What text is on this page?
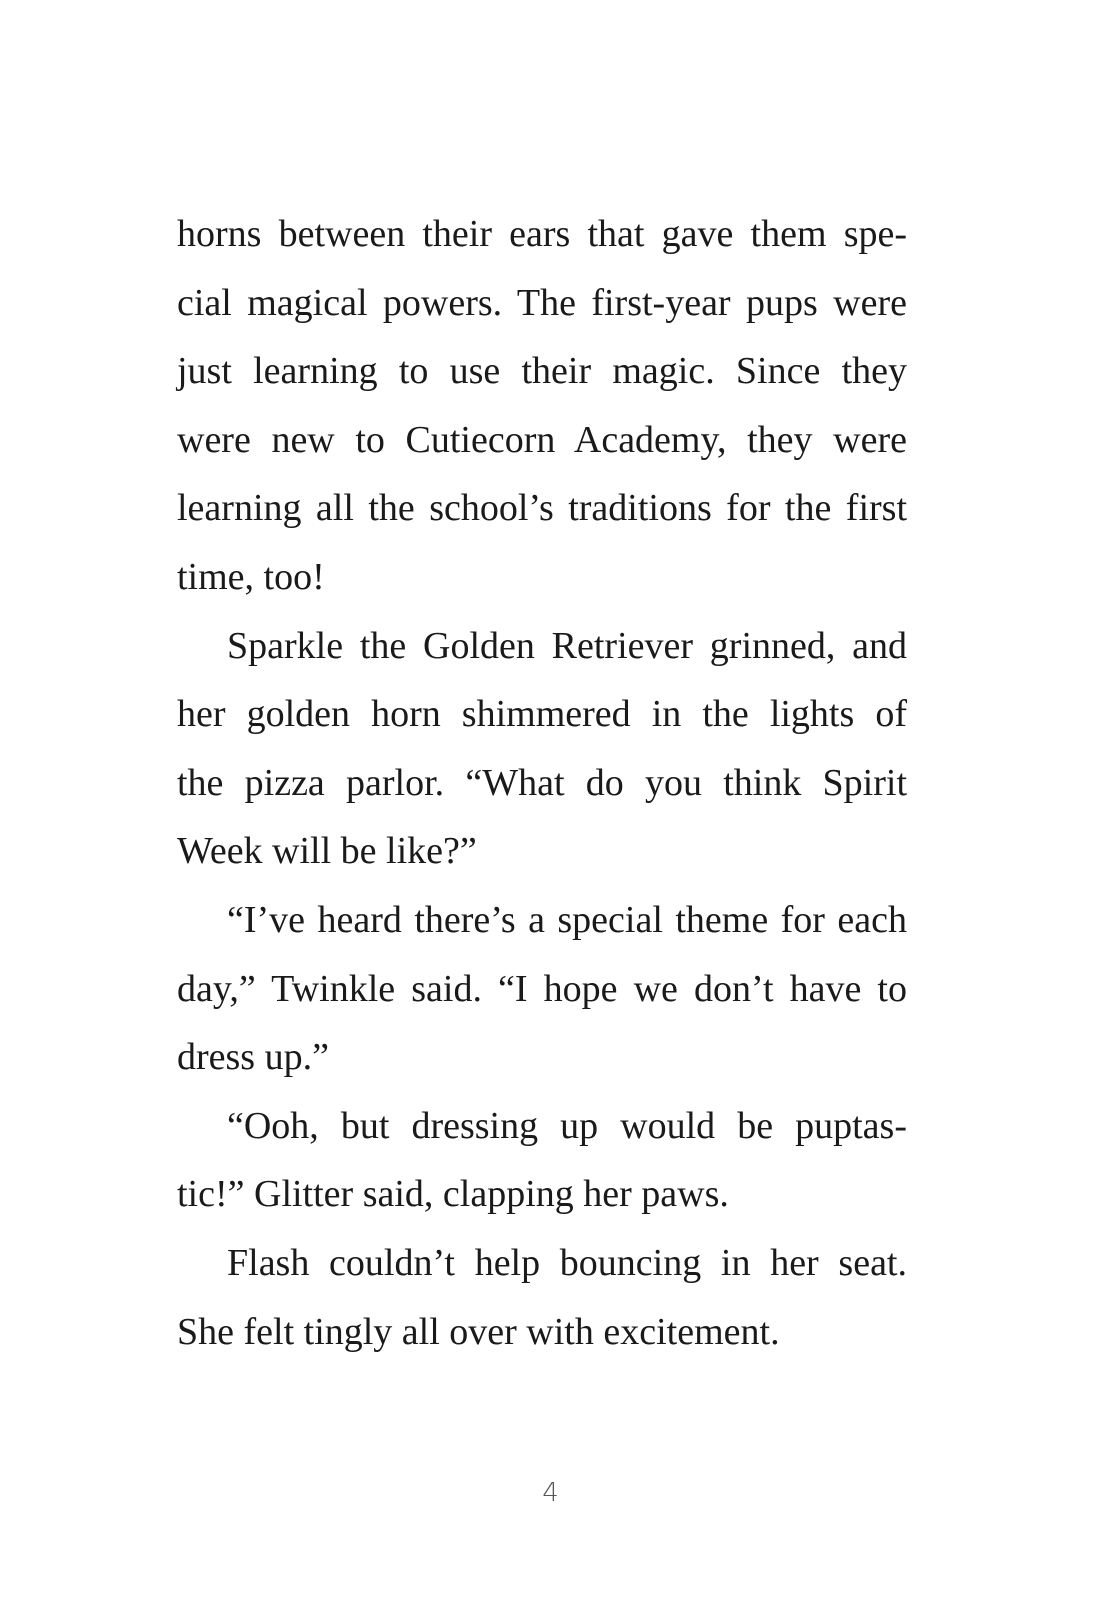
horns between their ears that gave them spe-
cial magical powers. The first-year pups were
just learning to use their magic. Since they
were new to Cutiecorn Academy, they were
learning all the school’s traditions for the first
time, too!
Sparkle the Golden Retriever grinned, and
her golden horn shimmered in the lights of
the pizza parlor. “What do you think Spirit
Week will be like?”
“I’ve heard there’s a special theme for each
day,” Twinkle said. “I hope we don’t have to
dress up.”
“Ooh, but dressing up would be puptas-
tic!” Glitter said, clapping her paws.
Flash couldn’t help bouncing in her seat.
She felt tingly all over with excitement.
4
